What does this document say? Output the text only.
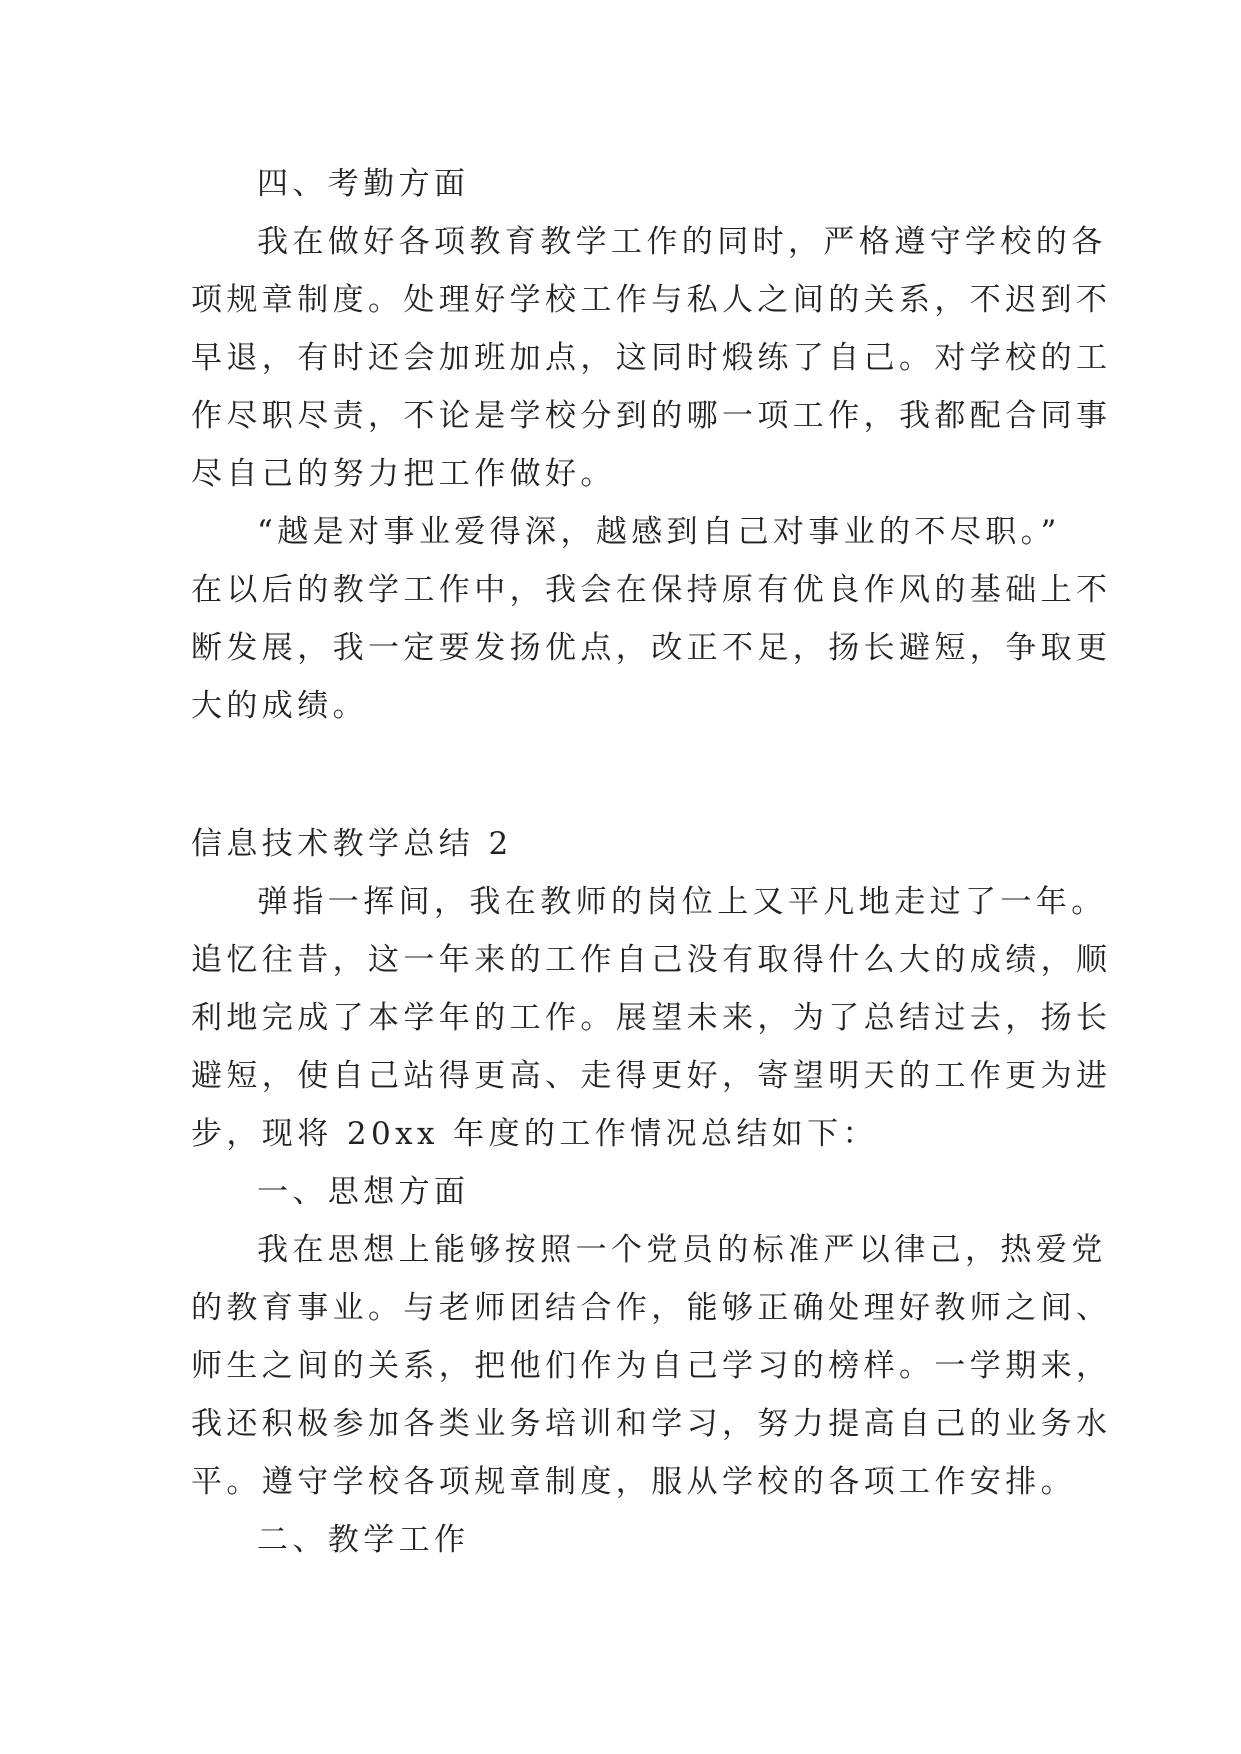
四、考勤方面
我在做好各项教育教学工作的同时，严格遵守学校的各
项规章制度。处理好学校工作与私人之间的关系，不迟到不
早退，有时还会加班加点，这同时煅练了自己。对学校的工
作尽职尽责，不论是学校分到的哪一项工作，我都配合同事
尽自己的努力把工作做好。
“越是对事业爱得深，越感到自己对事业的不尽职。”
在以后的教学工作中，我会在保持原有优良作风的基础上不
断发展，我一定要发扬优点，改正不足，扬长避短，争取更
大的成绩。
信息技术教学总结 2
弹指一挥间，我在教师的岗位上又平凡地走过了一年。
追忆往昔，这一年来的工作自己没有取得什么大的成绩，顺
利地完成了本学年的工作。展望未来，为了总结过去，扬长
避短，使自己站得更高、走得更好，寄望明天的工作更为进
步，现将 20xx 年度的工作情况总结如下：
一、思想方面
我在思想上能够按照一个党员的标准严以律己，热爱党
的教育事业。与老师团结合作，能够正确处理好教师之间、
师生之间的关系，把他们作为自己学习的榜样。一学期来，
我还积极参加各类业务培训和学习，努力提高自己的业务水
平。遵守学校各项规章制度，服从学校的各项工作安排。
二、教学工作
